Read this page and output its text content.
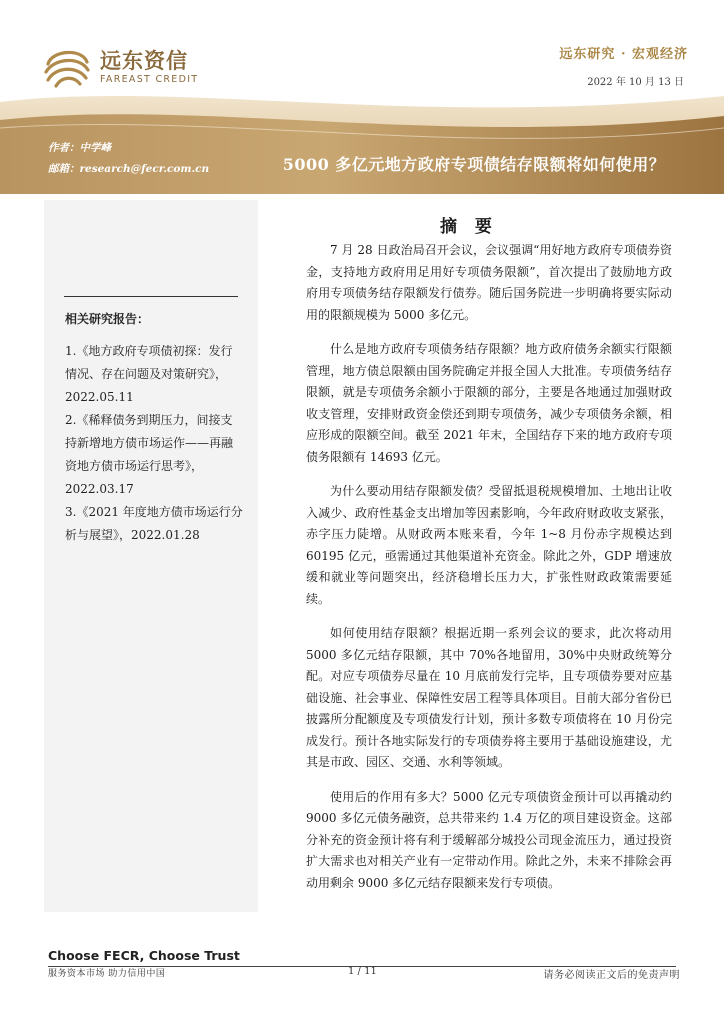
远东资信
FAREAST CREDIT
远东研究 · 宏观经济
2022 年 10 月 13 日
作者：中学峰
邮箱：research@fecr.com.cn	5000 多亿元地方政府专项债结存限额将如何使用？
相关研究报告：

1.《地方政府专项债初探：发行情况、存在问题及对策研究》，2022.05.11

2.《稀释债务到期压力，间接支持新增地方债市场运作——再融资地方债市场运行思考》，2022.03.17

3.《2021 年度地方债市场运行分析与展望》，2022.01.28

摘 要

7 月 28 日政治局召开会议，会议强调“用好地方政府专项债券资金，支持地方政府用足用好专项债务限额”，首次提出了鼓励地方政府用专项债务结存限额发行债券。随后国务院进一步明确将要实际动用的限额规模为 5000 多亿元。

什么是地方政府专项债务结存限额？地方政府债务余额实行限额管理，地方债总限额由国务院确定并报全国人大批准。专项债务结存限额，就是专项债务余额小于限额的部分，主要是各地通过加强财政收支管理，安排财政资金偿还到期专项债务，减少专项债务余额，相应形成的限额空间。截至 2021 年末，全国结存下来的地方政府专项债务限额有 14693 亿元。

为什么要动用结存限额发债？受留抵退税规模增加、土地出让收入减少、政府性基金支出增加等因素影响，今年政府财政收支紧张，赤字压力陡增。从财政两本账来看，今年 1~8 月份赤字规模达到 60195 亿元，亟需通过其他渠道补充资金。除此之外，GDP 增速放缓和就业等问题突出，经济稳增长压力大，扩张性财政政策需要延续。

如何使用结存限额？根据近期一系列会议的要求，此次将动用 5000 多亿元结存限额，其中 70%各地留用，30%中央财政统筹分配。对应专项债券尽量在 10 月底前发行完毕，且专项债券要对应基础设施、社会事业、保障性安居工程等具体项目。目前大部分省份已披露所分配额度及专项债发行计划，预计多数专项债将在 10 月份完成发行。预计各地实际发行的专项债券将主要用于基础设施建设，尤其是市政、园区、交通、水利等领域。

使用后的作用有多大？5000 亿元专项债资金预计可以再撬动约 9000 多亿元债务融资，总共带来约 1.4 万亿的项目建设资金。这部分补充的资金预计将有利于缓解部分城投公司现金流压力，通过投资扩大需求也对相关产业有一定带动作用。除此之外，未来不排除会再动用剩余 9000 多亿元结存限额来发行专项债。

Choose FECR, Choose Trust
服务资本市场 助力信用中国	1 / 11	请务必阅读正文后的免责声明
